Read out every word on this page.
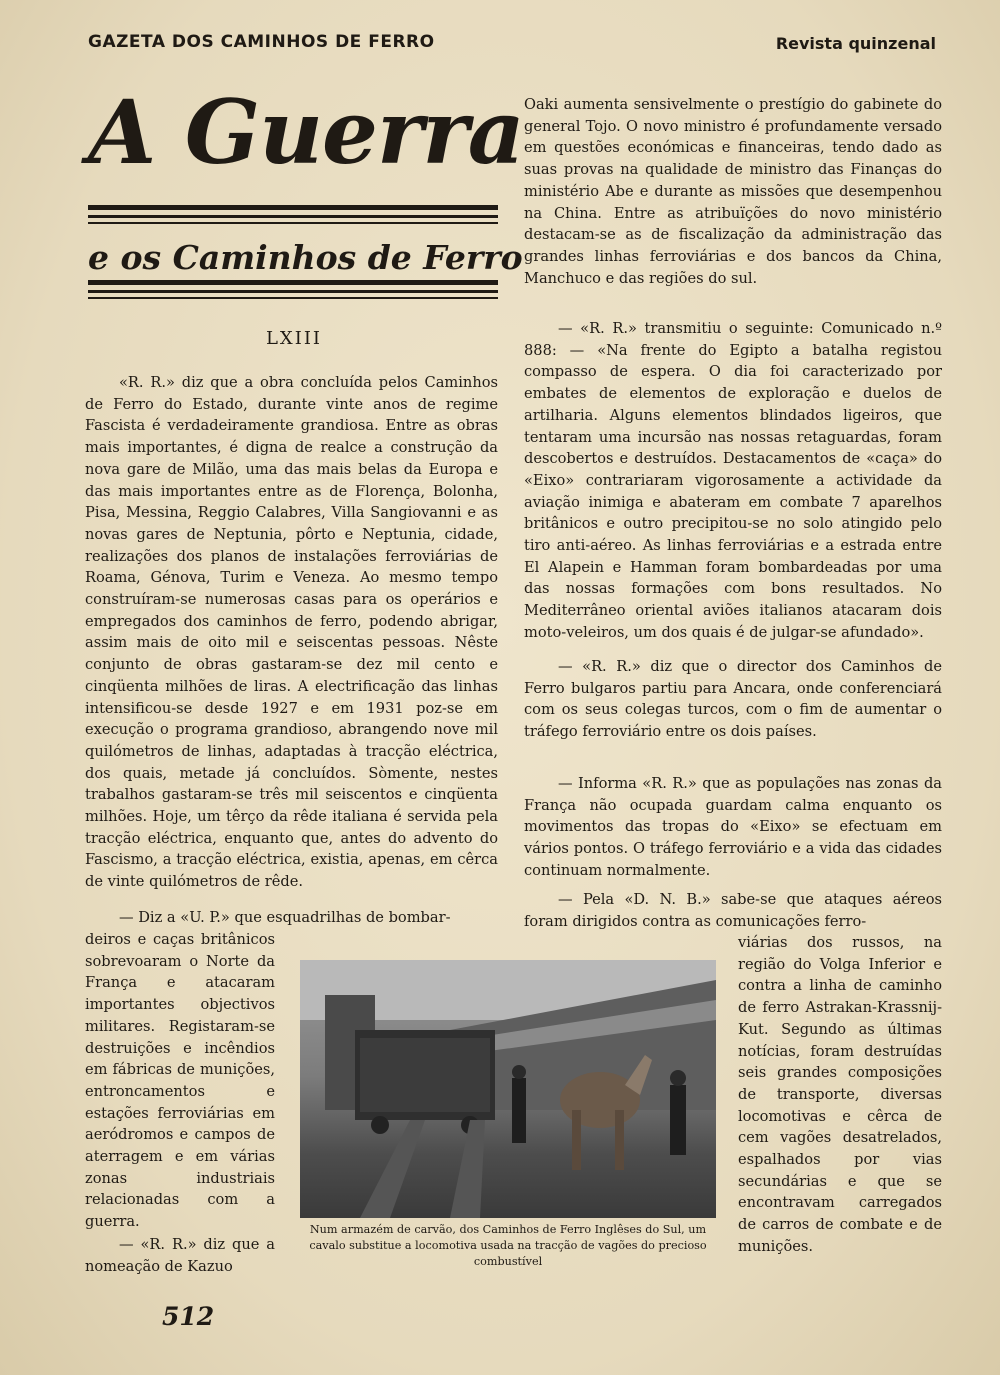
GAZETA DOS CAMINHOS DE FERRO	Revista quinzenal
A Guerra
e os Caminhos de Ferro
LXIII

«R. R.» diz que a obra concluída pelos Caminhos de Ferro do Estado, durante vinte anos de regime Fascista é verdadeiramente grandiosa. Entre as obras mais importantes, é digna de realce a construção da nova gare de Milão, uma das mais belas da Europa e das mais importantes entre as de Florença, Bolonha, Pisa, Messina, Reggio Calabres, Villa Sangiovanni e as novas gares de Neptunia, pôrto e Neptunia, cidade, realizações dos planos de instalações ferroviárias de Roama, Génova, Turim e Veneza. Ao mesmo tempo construíram-se numerosas casas para os operários e empregados dos caminhos de ferro, podendo abrigar, assim mais de oito mil e seiscentas pessoas. Nêste conjunto de obras gastaram-se dez mil cento e cinqüenta milhões de liras. A electrificação das linhas intensificou-se desde 1927 e em 1931 poz-se em execução o programa grandioso, abrangendo nove mil quilómetros de linhas, adaptadas à tracção eléctrica, dos quais, metade já concluídos. Sòmente, nestes trabalhos gastaram-se três mil seiscentos e cinqüenta milhões. Hoje, um têrço da rêde italiana é servida pela tracção eléctrica, enquanto que, antes do advento do Fascismo, a tracção eléctrica, existia, apenas, em cêrca de vinte quilómetros de rêde.

— Diz a «U. P.» que esquadrilhas de bombar-

deiros e caças britânicos sobrevoaram o Norte da França e atacaram importantes objectivos militares. Registaram-se destruições e incêndios em fábricas de munições, entroncamentos e estações ferroviárias em aeródromos e campos de aterragem e em várias zonas industriais relacionadas com a guerra.

— «R. R.» diz que a nomeação de Kazuo

Oaki aumenta sensivelmente o prestígio do gabinete do general Tojo. O novo ministro é profundamente versado em questões económicas e financeiras, tendo dado as suas provas na qualidade de ministro das Finanças do ministério Abe e durante as missões que desempenhou na China. Entre as atribuïções do novo ministério destacam-se as de fiscalização da administração das grandes linhas ferroviárias e dos bancos da China, Manchuco e das regiões do sul.

— «R. R.» transmitiu o seguinte: Comunicado n.º 888: — «Na frente do Egipto a batalha registou compasso de espera. O dia foi caracterizado por embates de elementos de exploração e duelos de artilharia. Alguns elementos blindados ligeiros, que tentaram uma incursão nas nossas retaguardas, foram descobertos e destruídos. Destacamentos de «caça» do «Eixo» contrariaram vigorosamente a actividade da aviação inimiga e abateram em combate 7 aparelhos britânicos e outro precipitou-se no solo atingido pelo tiro anti-aéreo. As linhas ferroviárias e a estrada entre El Alapein e Hamman foram bombardeadas por uma das nossas formações com bons resultados. No Mediterrâneo oriental aviões italianos atacaram dois moto-veleiros, um dos quais é de julgar-se afundado».

— «R. R.» diz que o director dos Caminhos de Ferro bulgaros partiu para Ancara, onde conferenciará com os seus colegas turcos, com o fim de aumentar o tráfego ferroviário entre os dois países.

— Informa «R. R.» que as populações nas zonas da França não ocupada guardam calma enquanto os movimentos das tropas do «Eixo» se efectuam em vários pontos. O tráfego ferroviário e a vida das cidades continuam normalmente.

— Pela «D. N. B.» sabe-se que ataques aéreos foram dirigidos contra as comunicações ferro-

viárias dos russos, na região do Volga Inferior e contra a linha de caminho de ferro Astrakan-Krassnij-Kut. Segundo as últimas notícias, foram destruídas seis grandes composições de transporte, diversas locomotivas e cêrca de cem vagões desatrelados, espalhados por vias secundárias e que se encontravam carregados de carros de combate e de munições.

Num armazém de carvão, dos Caminhos de Ferro Inglêses do Sul, um cavalo substitue a locomotiva usada na tracção de vagões do precioso combustível
512
